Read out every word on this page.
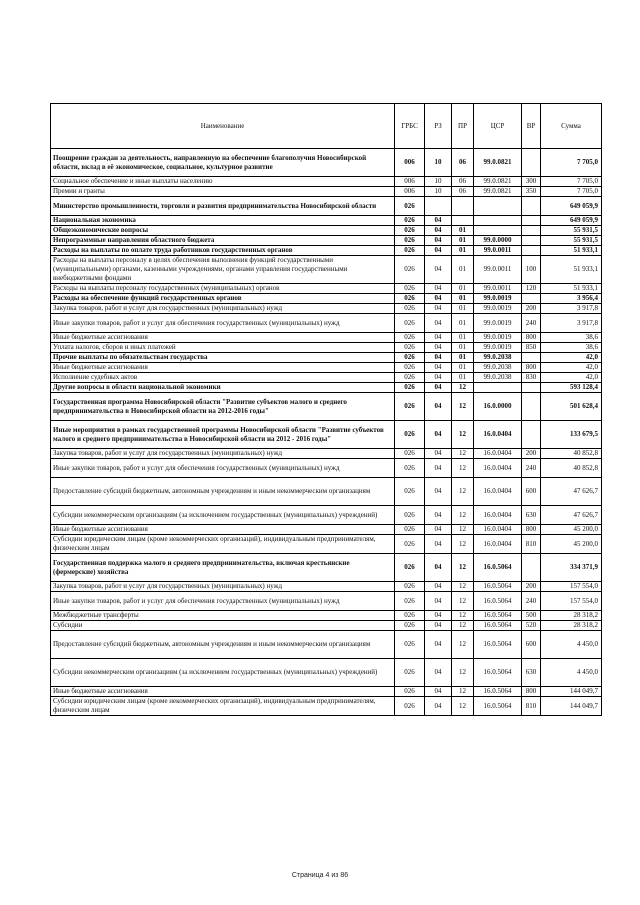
Наименование	ГРБС	РЗ	ПР	ЦСР	ВР	Сумма
Поощрение граждан за деятельность, направленную на обеспечение благополучия Новосибирской области, вклад в её экономическое, социальное, культурное развитие	006	10	06	99.0.0821		7 705,0
Социальное обеспечение и иные выплаты населению	006	10	06	99.0.0821	300	7 705,0
Премии и гранты	006	10	06	99.0.0821	350	7 705,0
Министерство промышленности, торговли и развития предпринимательства Новосибирской области	026					649 059,9
Национальная экономика	026	04				649 059,9
Общеэкономические вопросы	026	04	01			55 931,5
Непрограммные направления областного бюджета	026	04	01	99.0.0000		55 931,5
Расходы на выплаты по оплате труда работников государственных органов	026	04	01	99.0.0011		51 933,1
Расходы на выплаты персоналу в целях обеспечения выполнения функций государственными (муниципальными) органами, казенными учреждениями, органами управления государственными внебюджетными фондами	026	04	01	99.0.0011	100	51 933,1
Расходы на выплаты персоналу государственных (муниципальных) органов	026	04	01	99.0.0011	120	51 933,1
Расходы на обеспечение функций государственных органов	026	04	01	99.0.0019		3 956,4
Закупка товаров, работ и услуг для государственных (муниципальных) нужд	026	04	01	99.0.0019	200	3 917,8
Иные закупки товаров, работ и услуг для обеспечения государственных (муниципальных) нужд	026	04	01	99.0.0019	240	3 917,8
Иные бюджетные ассигнования	026	04	01	99.0.0019	800	38,6
Уплата налогов, сборов и иных платежей	026	04	01	99.0.0019	850	38,6
Прочие выплаты по обязательствам государства	026	04	01	99.0.2038		42,0
Иные бюджетные ассигнования	026	04	01	99.0.2038	800	42,0
Исполнение судебных актов	026	04	01	99.0.2038	830	42,0
Другие вопросы в области национальной экономики	026	04	12			593 128,4
Государственная программа Новосибирской области "Развитие субъектов малого и среднего предпринимательства в Новосибирской области на 2012-2016 годы"	026	04	12	16.0.0000		501 628,4
Иные мероприятия в рамках государственной программы Новосибирской области "Развитие субъектов малого и среднего предпринимательства в Новосибирской области на 2012 - 2016 годы"	026	04	12	16.0.0404		133 679,5
Закупка товаров, работ и услуг для государственных (муниципальных) нужд	026	04	12	16.0.0404	200	40 852,8
Иные закупки товаров, работ и услуг для обеспечения государственных (муниципальных) нужд	026	04	12	16.0.0404	240	40 852,8
Предоставление субсидий бюджетным, автономным учреждениям и иным некоммерческим организациям	026	04	12	16.0.0404	600	47 626,7
Субсидии некоммерческим организациям (за исключением государственных (муниципальных) учреждений)	026	04	12	16.0.0404	630	47 626,7
Иные бюджетные ассигнования	026	04	12	16.0.0404	800	45 200,0
Субсидии юридическим лицам (кроме некоммерческих организаций), индивидуальным предпринимателям, физическим лицам	026	04	12	16.0.0404	810	45 200,0
Государственная поддержка малого и среднего предпринимательства, включая крестьянские (фермерские) хозяйства	026	04	12	16.0.5064		334 371,9
Закупка товаров, работ и услуг для государственных (муниципальных) нужд	026	04	12	16.0.5064	200	157 554,0
Иные закупки товаров, работ и услуг для обеспечения государственных (муниципальных) нужд	026	04	12	16.0.5064	240	157 554,0
Межбюджетные трансферты	026	04	12	16.0.5064	500	28 318,2
Субсидии	026	04	12	16.0.5064	520	28 318,2
Предоставление субсидий бюджетным, автономным учреждениям и иным некоммерческим организациям	026	04	12	16.0.5064	600	4 450,0
Субсидии некоммерческим организациям (за исключением государственных (муниципальных) учреждений)	026	04	12	16.0.5064	630	4 450,0
Иные бюджетные ассигнования	026	04	12	16.0.5064	800	144 049,7
Субсидии юридическим лицам (кроме некоммерческих организаций), индивидуальным предпринимателям, физическим лицам	026	04	12	16.0.5064	810	144 049,7
Страница 4 из 86
